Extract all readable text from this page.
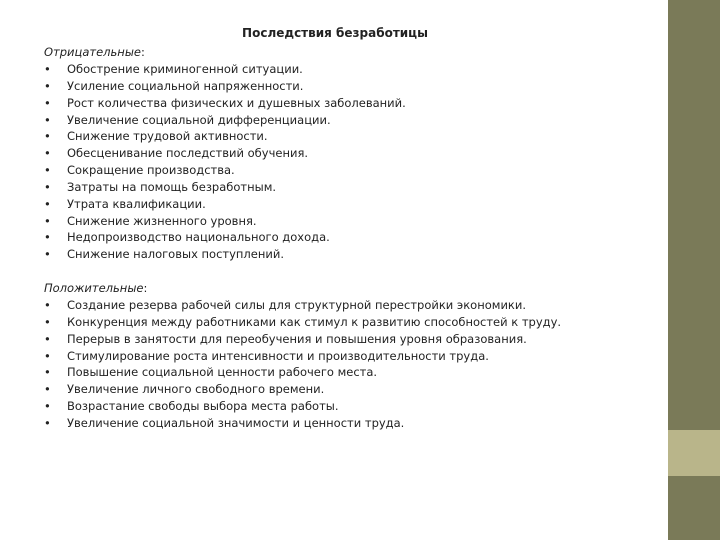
Последствия безработицы
Отрицательные:
•	Обострение криминогенной ситуации.
•	Усиление социальной напряженности.
•	Рост количества физических и душевных заболеваний.
•	Увеличение социальной дифференциации.
•	Снижение трудовой активности.
•	Обесценивание последствий обучения.
•	Сокращение производства.
•	Затраты на помощь безработным.
•	Утрата квалификации.
•	Снижение жизненного уровня.
•	Недопроизводство национального дохода.
•	Снижение налоговых поступлений.
Положительные:
•	Создание резерва рабочей силы для структурной перестройки экономики.
•	Конкуренция между работниками как стимул к развитию способностей к труду.
•	Перерыв в занятости для переобучения и повышения уровня образования.
•	Стимулирование роста интенсивности и производительности труда.
•	Повышение социальной ценности рабочего места.
•	Увеличение личного свободного времени.
•	Возрастание свободы выбора места работы.
•	Увеличение социальной значимости и ценности труда.
